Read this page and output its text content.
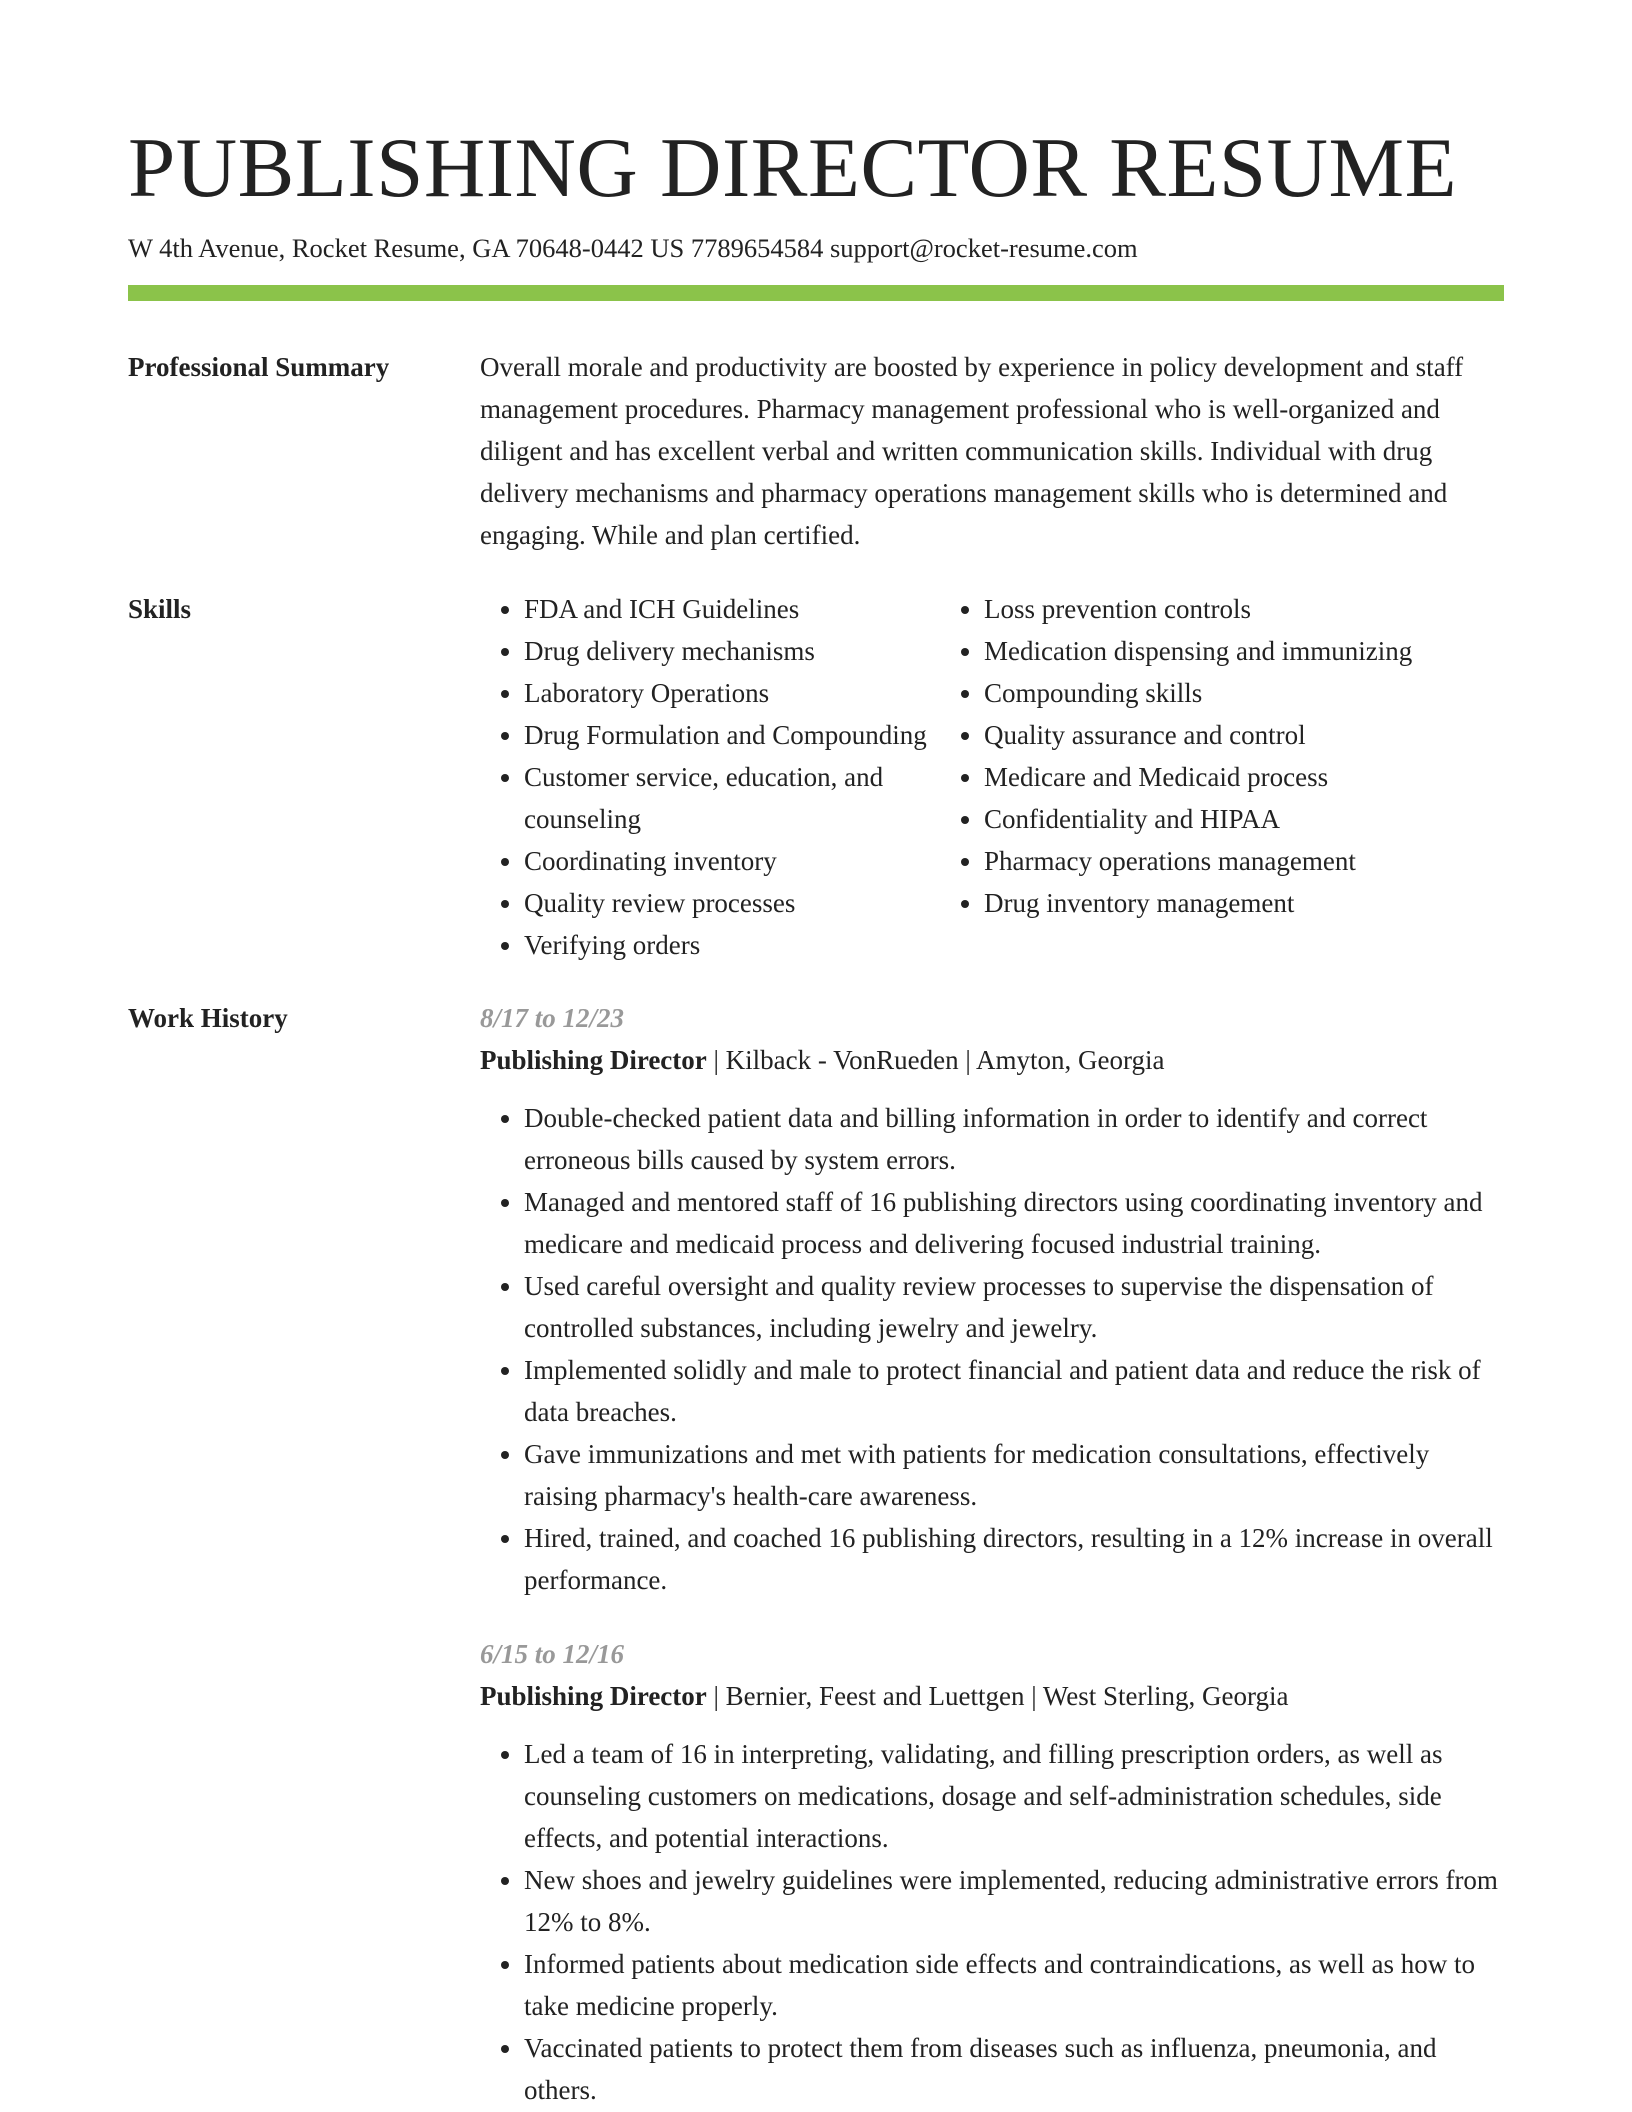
PUBLISHING DIRECTOR RESUME
W 4th Avenue, Rocket Resume, GA 70648-0442 US 7789654584 support@rocket-resume.com
Professional Summary	Overall morale and productivity are boosted by experience in policy development and staff management procedures. Pharmacy management professional who is well-organized and diligent and has excellent verbal and written communication skills. Individual with drug delivery mechanisms and pharmacy operations management skills who is determined and engaging. While and plan certified.

Skills
•	FDA and ICH Guidelines
• Drug delivery mechanisms
• Laboratory Operations
• Drug Formulation and Compounding
• Customer service, education, and counseling
• Coordinating inventory
• Quality review processes
• Verifying orders
• Loss prevention controls
• Medication dispensing and immunizing
• Compounding skills
• Quality assurance and control
• Medicare and Medicaid process
• Confidentiality and HIPAA
• Pharmacy operations management
• Drug inventory management
Work History	8/17 to 12/23
Publishing Director | Kilback - VonRueden | Amyton, Georgia
• Double-checked patient data and billing information in order to identify and correct erroneous bills caused by system errors.
• Managed and mentored staff of 16 publishing directors using coordinating inventory and medicare and medicaid process and delivering focused industrial training.
• Used careful oversight and quality review processes to supervise the dispensation of controlled substances, including jewelry and jewelry.
• Implemented solidly and male to protect financial and patient data and reduce the risk of data breaches.
• Gave immunizations and met with patients for medication consultations, effectively raising pharmacy's health-care awareness.
• Hired, trained, and coached 16 publishing directors, resulting in a 12% increase in overall performance.
6/15 to 12/16
Publishing Director | Bernier, Feest and Luettgen | West Sterling, Georgia
• Led a team of 16 in interpreting, validating, and filling prescription orders, as well as counseling customers on medications, dosage and self-administration schedules, side effects, and potential interactions.
• New shoes and jewelry guidelines were implemented, reducing administrative errors from 12% to 8%.
• Informed patients about medication side effects and contraindications, as well as how to take medicine properly.
• Vaccinated patients to protect them from diseases such as influenza, pneumonia, and others.
